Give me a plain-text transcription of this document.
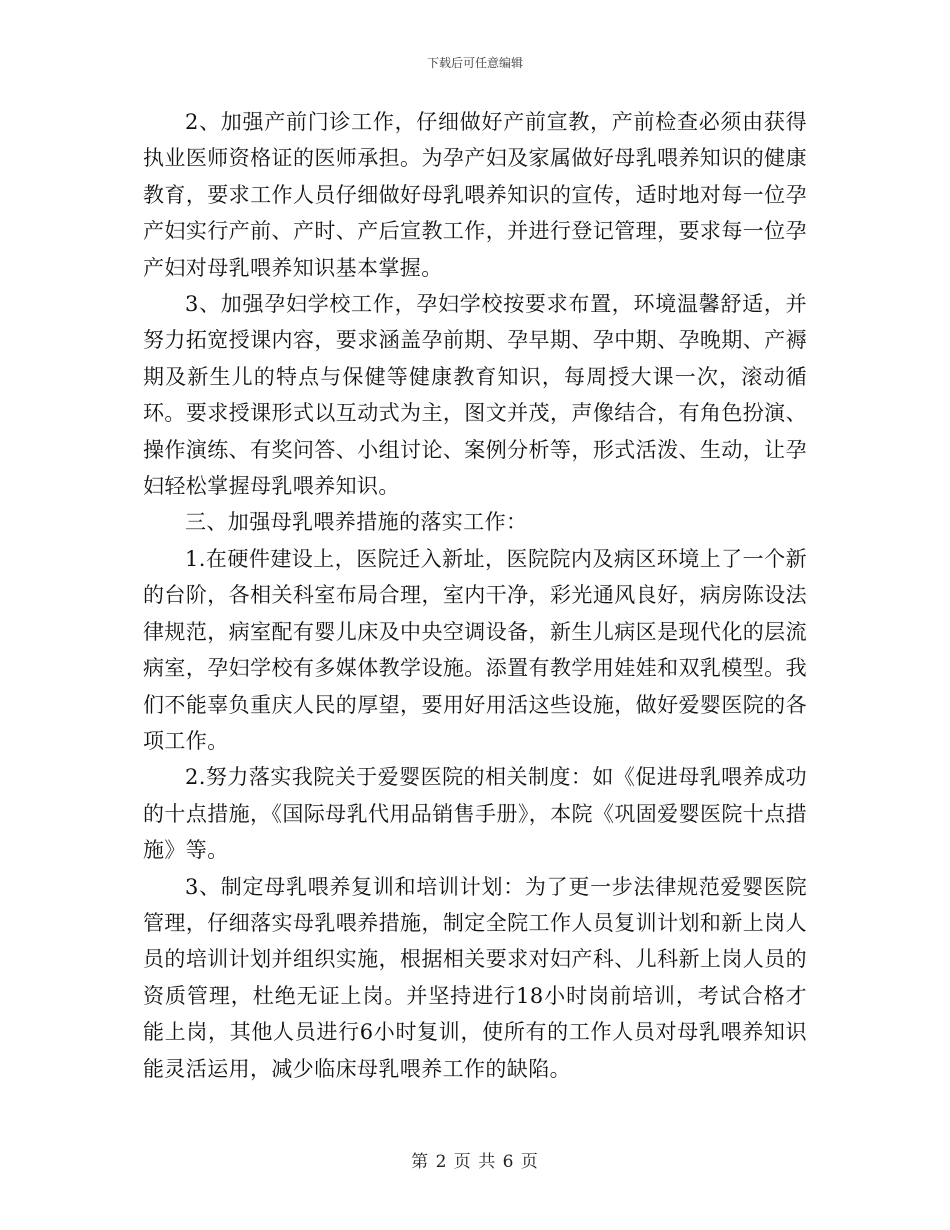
下载后可任意编辑

2、加强产前门诊工作，仔细做好产前宣教，产前检查必须由获得执业医师资格证的医师承担。为孕产妇及家属做好母乳喂养知识的健康教育，要求工作人员仔细做好母乳喂养知识的宣传，适时地对每一位孕产妇实行产前、产时、产后宣教工作，并进行登记管理，要求每一位孕产妇对母乳喂养知识基本掌握。

3、加强孕妇学校工作，孕妇学校按要求布置，环境温馨舒适，并努力拓宽授课内容，要求涵盖孕前期、孕早期、孕中期、孕晚期、产褥期及新生儿的特点与保健等健康教育知识，每周授大课一次，滚动循环。要求授课形式以互动式为主，图文并茂，声像结合，有角色扮演、操作演练、有奖问答、小组讨论、案例分析等，形式活泼、生动，让孕妇轻松掌握母乳喂养知识。

三、加强母乳喂养措施的落实工作：

1.在硬件建设上，医院迁入新址，医院院内及病区环境上了一个新的台阶，各相关科室布局合理，室内干净，彩光通风良好，病房陈设法律规范，病室配有婴儿床及中央空调设备，新生儿病区是现代化的层流病室，孕妇学校有多媒体教学设施。添置有教学用娃娃和双乳模型。我们不能辜负重庆人民的厚望，要用好用活这些设施，做好爱婴医院的各项工作。

2.努力落实我院关于爱婴医院的相关制度：如《促进母乳喂养成功的十点措施，《国际母乳代用品销售手册》，本院《巩固爱婴医院十点措施》等。

3、制定母乳喂养复训和培训计划：为了更一步法律规范爱婴医院管理，仔细落实母乳喂养措施，制定全院工作人员复训计划和新上岗人员的培训计划并组织实施，根据相关要求对妇产科、儿科新上岗人员的资质管理，杜绝无证上岗。并坚持进行18小时岗前培训，考试合格才能上岗，其他人员进行6小时复训，使所有的工作人员对母乳喂养知识能灵活运用，减少临床母乳喂养工作的缺陷。

第 2 页 共 6 页
